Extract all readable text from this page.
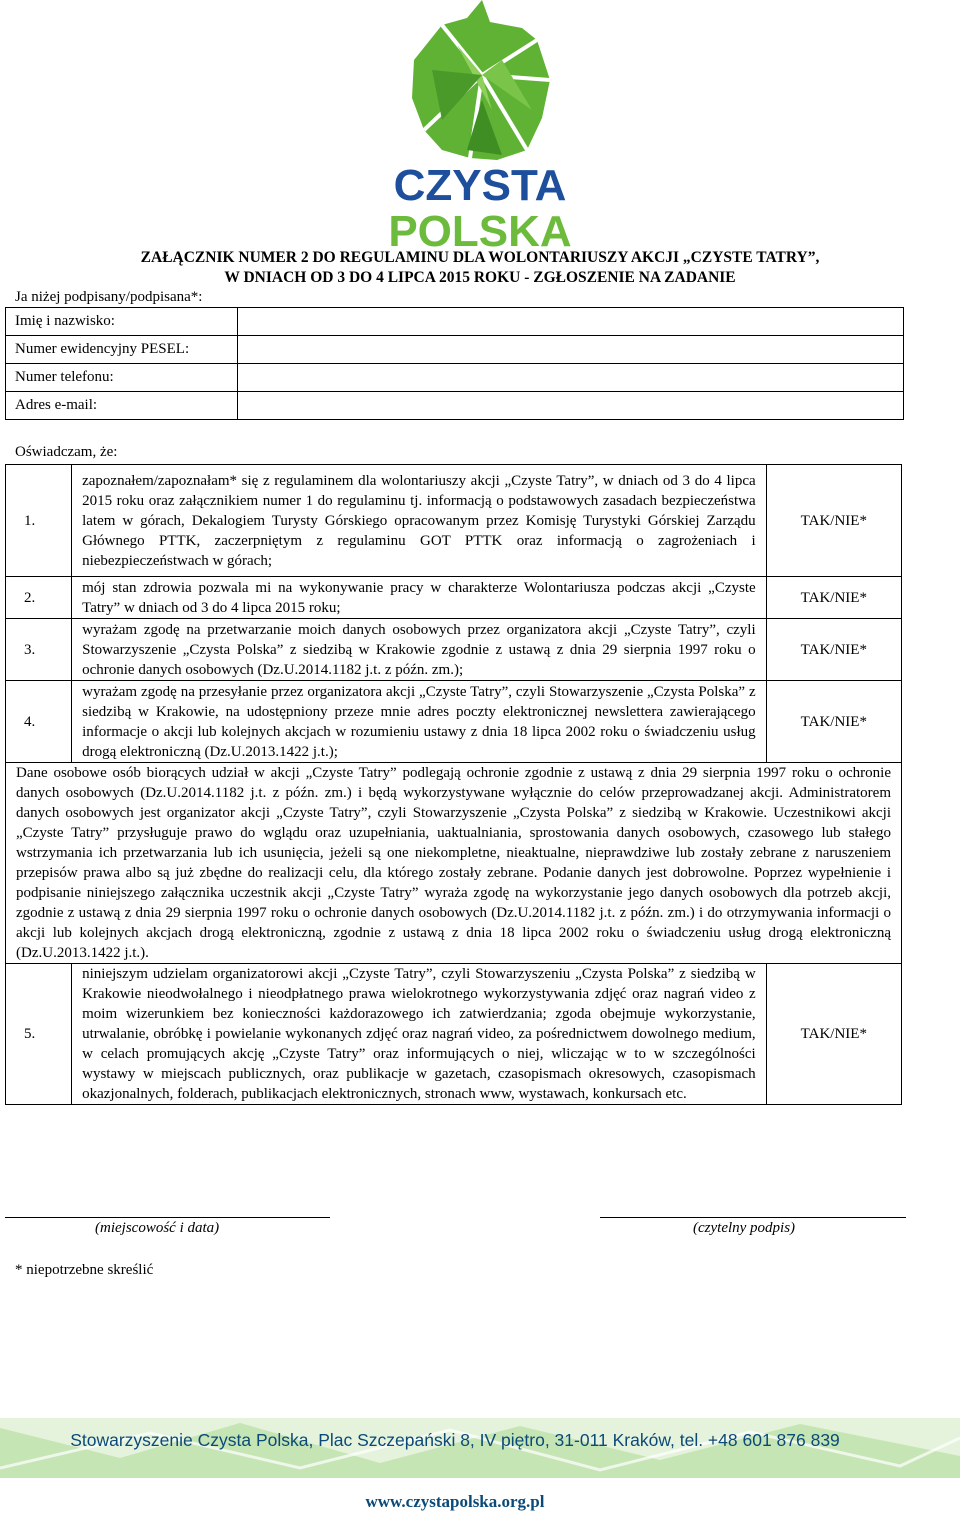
CZYSTA
POLSKA
ZAŁĄCZNIK NUMER 2 DO REGULAMINU DLA WOLONTARIUSZY AKCJI „CZYSTE TATRY”,
W DNIACH OD 3 DO 4 LIPCA 2015 ROKU - ZGŁOSZENIE NA ZADANIE
Ja niżej podpisany/podpisana*:
Imię i nazwisko:	
Numer ewidencyjny PESEL:	
Numer telefonu:	
Adres e-mail:	
Oświadczam, że:
1.	zapoznałem/zapoznałam* się z regulaminem dla wolontariuszy akcji „Czyste Tatry”, w dniach od 3 do 4 lipca 2015 roku oraz załącznikiem numer 1 do regulaminu tj. informacją o podstawowych zasadach bezpieczeństwa latem w górach, Dekalogiem Turysty Górskiego opracowanym przez Komisję Turystyki Górskiej Zarządu Głównego PTTK, zaczerpniętym z regulaminu GOT PTTK oraz informacją o zagrożeniach i niebezpieczeństwach w górach;	TAK/NIE*
2.	mój stan zdrowia pozwala mi na wykonywanie pracy w charakterze Wolontariusza podczas akcji „Czyste Tatry” w dniach od 3 do 4 lipca 2015 roku;	TAK/NIE*
3.	wyrażam zgodę na przetwarzanie moich danych osobowych przez organizatora akcji „Czyste Tatry”, czyli Stowarzyszenie „Czysta Polska” z siedzibą w Krakowie zgodnie z ustawą z dnia 29 sierpnia 1997 roku o ochronie danych osobowych (Dz.U.2014.1182 j.t. z późn. zm.);	TAK/NIE*
4.	wyrażam zgodę na przesyłanie przez organizatora akcji „Czyste Tatry”, czyli Stowarzyszenie „Czysta Polska” z siedzibą w Krakowie, na udostępniony przeze mnie adres poczty elektronicznej newslettera zawierającego informacje o akcji lub kolejnych akcjach w rozumieniu ustawy z dnia 18 lipca 2002 roku o świadczeniu usług drogą elektroniczną (Dz.U.2013.1422 j.t.);	TAK/NIE*
Dane osobowe osób biorących udział w akcji „Czyste Tatry” podlegają ochronie zgodnie z ustawą z dnia 29 sierpnia 1997 roku o ochronie danych osobowych (Dz.U.2014.1182 j.t. z późn. zm.) i będą wykorzystywane wyłącznie do celów przeprowadzanej akcji. Administratorem danych osobowych jest organizator akcji „Czyste Tatry”, czyli Stowarzyszenie „Czysta Polska” z siedzibą w Krakowie. Uczestnikowi akcji „Czyste Tatry” przysługuje prawo do wglądu oraz uzupełniania, uaktualniania, sprostowania danych osobowych, czasowego lub stałego wstrzymania ich przetwarzania lub ich usunięcia, jeżeli są one niekompletne, nieaktualne, nieprawdziwe lub zostały zebrane z naruszeniem przepisów prawa albo są już zbędne do realizacji celu, dla którego zostały zebrane. Podanie danych jest dobrowolne. Poprzez wypełnienie i podpisanie niniejszego załącznika uczestnik akcji „Czyste Tatry” wyraża zgodę na wykorzystanie jego danych osobowych dla potrzeb akcji, zgodnie z ustawą z dnia 29 sierpnia 1997 roku o ochronie danych osobowych (Dz.U.2014.1182 j.t. z późn. zm.) i do otrzymywania informacji o akcji lub kolejnych akcjach drogą elektroniczną, zgodnie z ustawą z dnia 18 lipca 2002 roku o świadczeniu usług drogą elektroniczną (Dz.U.2013.1422 j.t.).		
5.	niniejszym udzielam organizatorowi akcji „Czyste Tatry”, czyli Stowarzyszeniu „Czysta Polska” z siedzibą w Krakowie nieodwołalnego i nieodpłatnego prawa wielokrotnego wykorzystywania zdjęć oraz nagrań video z moim wizerunkiem bez konieczności każdorazowego ich zatwierdzania; zgoda obejmuje wykorzystanie, utrwalanie, obróbkę i powielanie wykonanych zdjęć oraz nagrań video, za pośrednictwem dowolnego medium, w celach promujących akcję „Czyste Tatry” oraz informujących o niej, wliczając w to w szczególności wystawy w miejscach publicznych, oraz publikacje w gazetach, czasopismach okresowych, czasopismach okazjonalnych, folderach, publikacjach elektronicznych, stronach www, wystawach, konkursach etc.	TAK/NIE*
(miejscowość i data)	(czytelny podpis)
* niepotrzebne skreślić
Stowarzyszenie Czysta Polska, Plac Szczepański 8, IV piętro, 31-011 Kraków, tel. +48 601 876 839
www.czystapolska.org.pl
